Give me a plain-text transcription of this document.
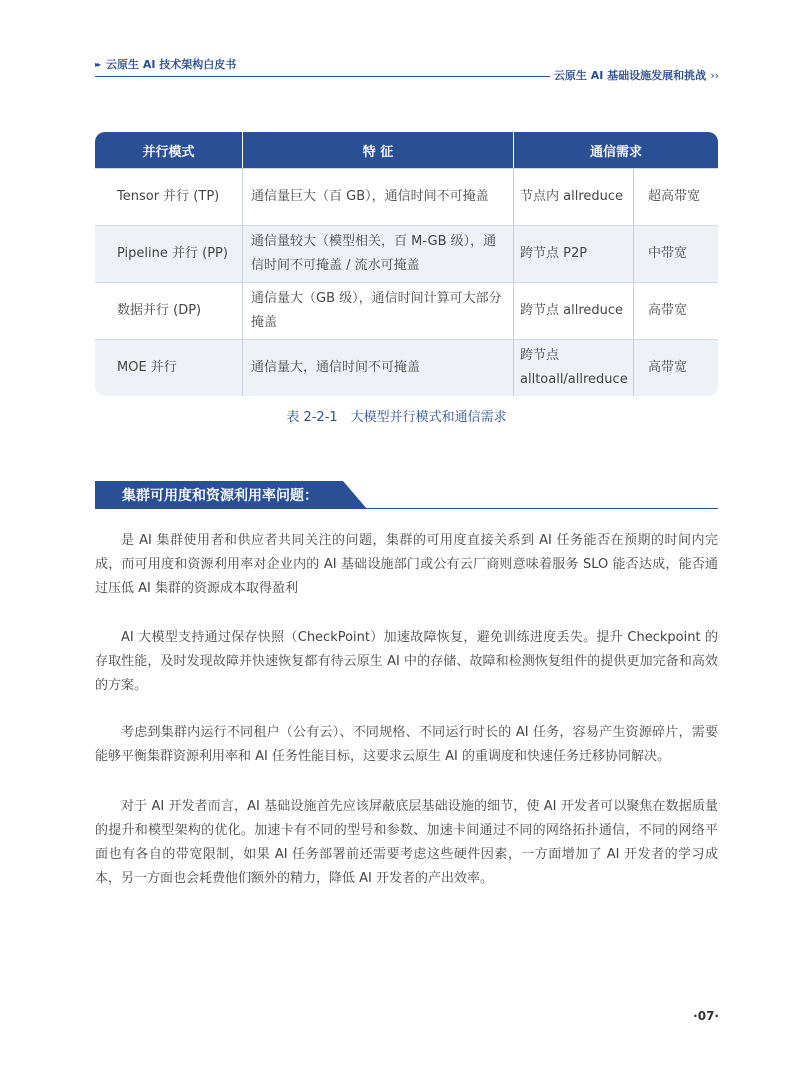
▸▸ 云原生 AI 技术架构白皮书
云原生 AI 基础设施发展和挑战 ››
并行模式	特 征	通信需求	
Tensor 并行 (TP)	通信量巨大（百 GB），通信时间不可掩盖	节点内 allreduce	超高带宽
Pipeline 并行 (PP)	通信量较大（模型相关，百 M-GB 级），通信时间不可掩盖 / 流水可掩盖	跨节点 P2P	中带宽
数据并行 (DP)	通信量大（GB 级），通信时间计算可大部分掩盖	跨节点 allreduce	高带宽
MOE 并行	通信量大，通信时间不可掩盖	跨节点 alltoall/allreduce	高带宽
表 2-2-1　大模型并行模式和通信需求
集群可用度和资源利用率问题：

是 AI 集群使用者和供应者共同关注的问题，集群的可用度直接关系到 AI 任务能否在预期的时间内完成，而可用度和资源利用率对企业内的 AI 基础设施部门或公有云厂商则意味着服务 SLO 能否达成，能否通过压低 AI 集群的资源成本取得盈利

AI 大模型支持通过保存快照（CheckPoint）加速故障恢复，避免训练进度丢失。提升 Checkpoint 的存取性能，及时发现故障并快速恢复都有待云原生 AI 中的存储、故障和检测恢复组件的提供更加完备和高效的方案。

考虑到集群内运行不同租户（公有云）、不同规格、不同运行时长的 AI 任务，容易产生资源碎片，需要能够平衡集群资源利用率和 AI 任务性能目标，这要求云原生 AI 的重调度和快速任务迁移协同解决。

对于 AI 开发者而言，AI 基础设施首先应该屏蔽底层基础设施的细节，使 AI 开发者可以聚焦在数据质量的提升和模型架构的优化。加速卡有不同的型号和参数、加速卡间通过不同的网络拓扑通信，不同的网络平面也有各自的带宽限制，如果 AI 任务部署前还需要考虑这些硬件因素，一方面增加了 AI 开发者的学习成本，另一方面也会耗费他们额外的精力，降低 AI 开发者的产出效率。

·07·
